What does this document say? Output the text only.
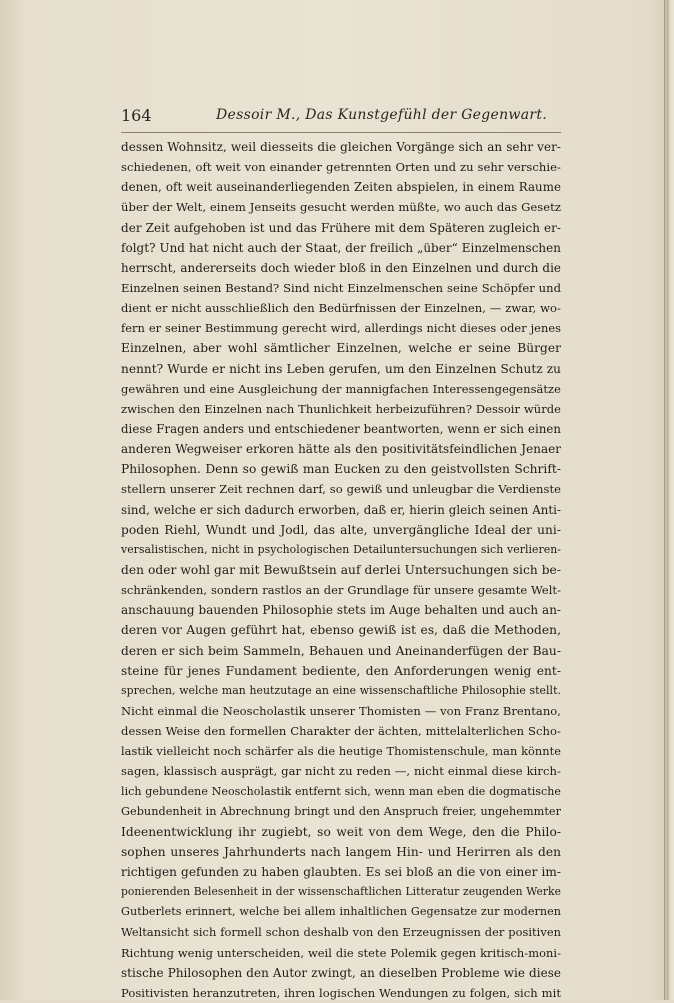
164	Dessoir M., Das Kunstgefühl der Gegenwart.
dessen Wohnsitz, weil diesseits die gleichen Vorgänge sich an sehr ver-
schiedenen, oft weit von einander getrennten Orten und zu sehr verschie-
denen, oft weit auseinanderliegenden Zeiten abspielen, in einem Raume
über der Welt, einem Jenseits gesucht werden müßte, wo auch das Gesetz
der Zeit aufgehoben ist und das Frühere mit dem Späteren zugleich er-
folgt? Und hat nicht auch der Staat, der freilich „über“ Einzelmenschen
herrscht, andererseits doch wieder bloß in den Einzelnen und durch die
Einzelnen seinen Bestand? Sind nicht Einzelmenschen seine Schöpfer und
dient er nicht ausschließlich den Bedürfnissen der Einzelnen, — zwar, wo-
fern er seiner Bestimmung gerecht wird, allerdings nicht dieses oder jenes
Einzelnen, aber wohl sämtlicher Einzelnen, welche er seine Bürger
nennt? Wurde er nicht ins Leben gerufen, um den Einzelnen Schutz zu
gewähren und eine Ausgleichung der mannigfachen Interessengegensätze
zwischen den Einzelnen nach Thunlichkeit herbeizuführen? Dessoir würde
diese Fragen anders und entschiedener beantworten, wenn er sich einen
anderen Wegweiser erkoren hätte als den positivitätsfeindlichen Jenaer
Philosophen. Denn so gewiß man Eucken zu den geistvollsten Schrift-
stellern unserer Zeit rechnen darf, so gewiß und unleugbar die Verdienste
sind, welche er sich dadurch erworben, daß er, hierin gleich seinen Anti-
poden Riehl, Wundt und Jodl, das alte, unvergängliche Ideal der uni-
versalistischen, nicht in psychologischen Detailuntersuchungen sich verlieren-
den oder wohl gar mit Bewußtsein auf derlei Untersuchungen sich be-
schränkenden, sondern rastlos an der Grundlage für unsere gesamte Welt-
anschauung bauenden Philosophie stets im Auge behalten und auch an-
deren vor Augen geführt hat, ebenso gewiß ist es, daß die Methoden,
deren er sich beim Sammeln, Behauen und Aneinanderfügen der Bau-
steine für jenes Fundament bediente, den Anforderungen wenig ent-
sprechen, welche man heutzutage an eine wissenschaftliche Philosophie stellt.
Nicht einmal die Neoscholastik unserer Thomisten — von Franz Brentano,
dessen Weise den formellen Charakter der ächten, mittelalterlichen Scho-
lastik vielleicht noch schärfer als die heutige Thomistenschule, man könnte
sagen, klassisch ausprägt, gar nicht zu reden —, nicht einmal diese kirch-
lich gebundene Neoscholastik entfernt sich, wenn man eben die dogmatische
Gebundenheit in Abrechnung bringt und den Anspruch freier, ungehemmter
Ideenentwicklung ihr zugiebt, so weit von dem Wege, den die Philo-
sophen unseres Jahrhunderts nach langem Hin- und Herirren als den
richtigen gefunden zu haben glaubten. Es sei bloß an die von einer im-
ponierenden Belesenheit in der wissenschaftlichen Litteratur zeugenden Werke
Gutberlets erinnert, welche bei allem inhaltlichen Gegensatze zur modernen
Weltansicht sich formell schon deshalb von den Erzeugnissen der positiven
Richtung wenig unterscheiden, weil die stete Polemik gegen kritisch-moni-
stische Philosophen den Autor zwingt, an dieselben Probleme wie diese
Positivisten heranzutreten, ihren logischen Wendungen zu folgen, sich mit
